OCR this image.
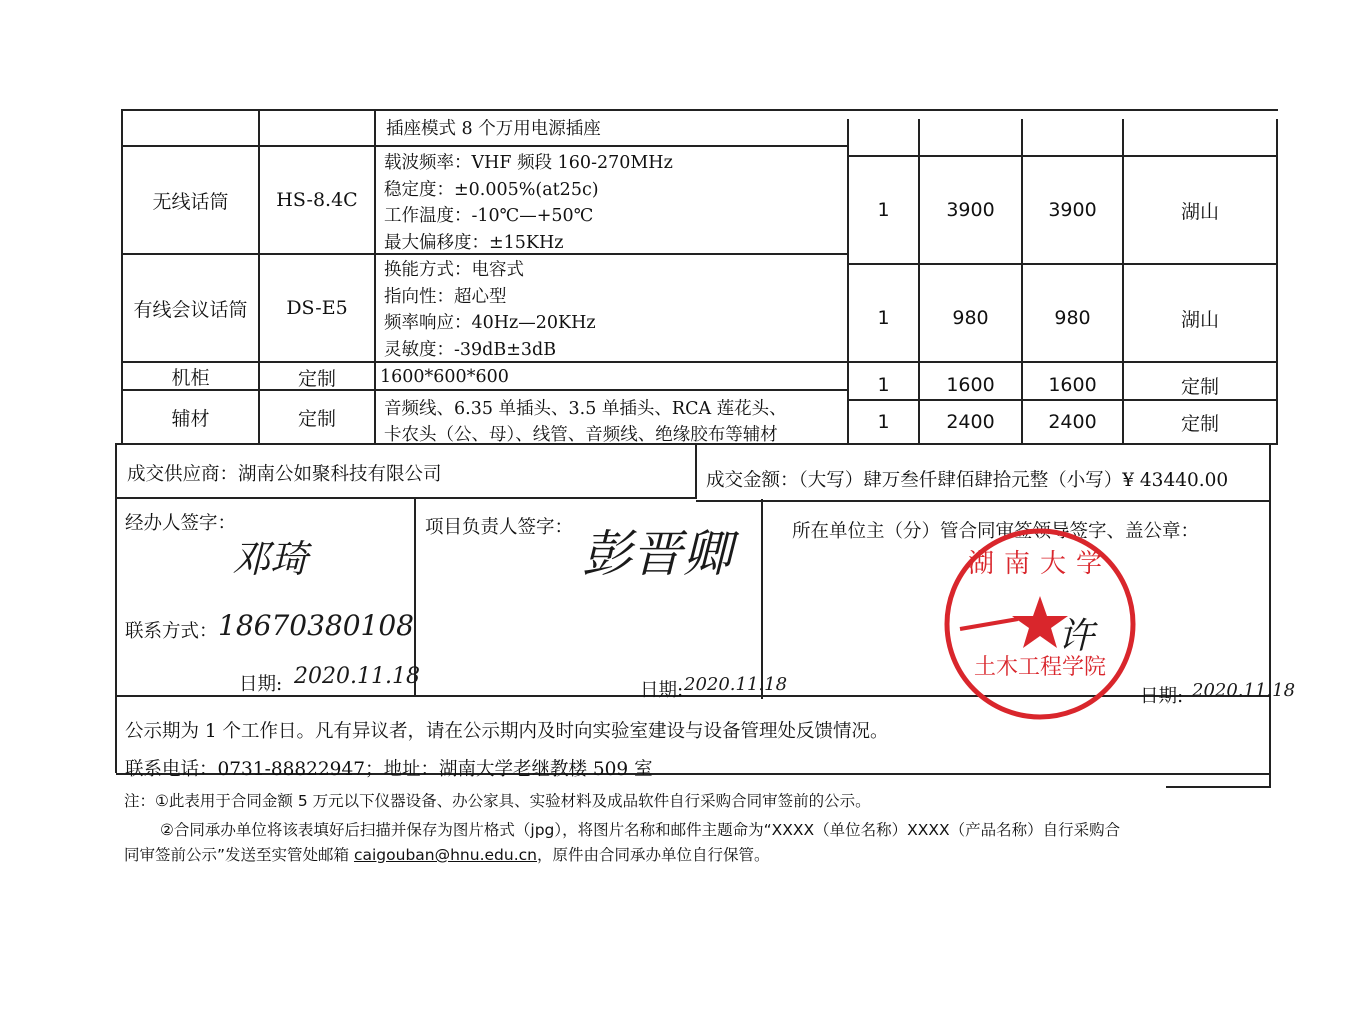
插座模式 8 个万用电源插座
无线话筒	HS-8.4C
载波频率：VHF 频段 160-270MHz
稳定度：±0.005%(at25c)
工作温度：-10℃—+50℃
最大偏移度：±15KHz
1	3900	3900	湖山
有线会议话筒	DS-E5
换能方式：电容式
指向性：超心型
频率响应：40Hz—20KHz
灵敏度：-39dB±3dB
1	980	980	湖山
机柜	定制	1600*600*600	1	1600	1600	定制
辅材	定制	音频线、6.35 单插头、3.5 单插头、RCA 莲花头、
卡农头（公、母）、线管、音频线、绝缘胶布等辅材
1	2400	2400	定制
成交供应商：湖南公如聚科技有限公司	成交金额：（大写）肆万叁仟肆佰肆拾元整（小写）¥ 43440.00
经办人签字：
邓琦
联系方式： 18670380108
日期: 2020.11.18
项目负责人签字： 彭晋卿
日期: 2020.11.18
所在单位主（分）管合同审签领导签字、盖公章：
湖南大学
土木工程学院
许
日期: 2020.11.18
公示期为 1 个工作日。凡有异议者，请在公示期内及时向实验室建设与设备管理处反馈情况。
联系电话：0731-88822947；地址：湖南大学老继教楼 509 室
注：①此表用于合同金额 5 万元以下仪器设备、办公家具、实验材料及成品软件自行采购合同审签前的公示。
②合同承办单位将该表填好后扫描并保存为图片格式（jpg），将图片名称和邮件主题命为“XXXX（单位名称）XXXX（产品名称）自行采购合
同审签前公示”发送至实管处邮箱 caigouban@hnu.edu.cn，原件由合同承办单位自行保管。
